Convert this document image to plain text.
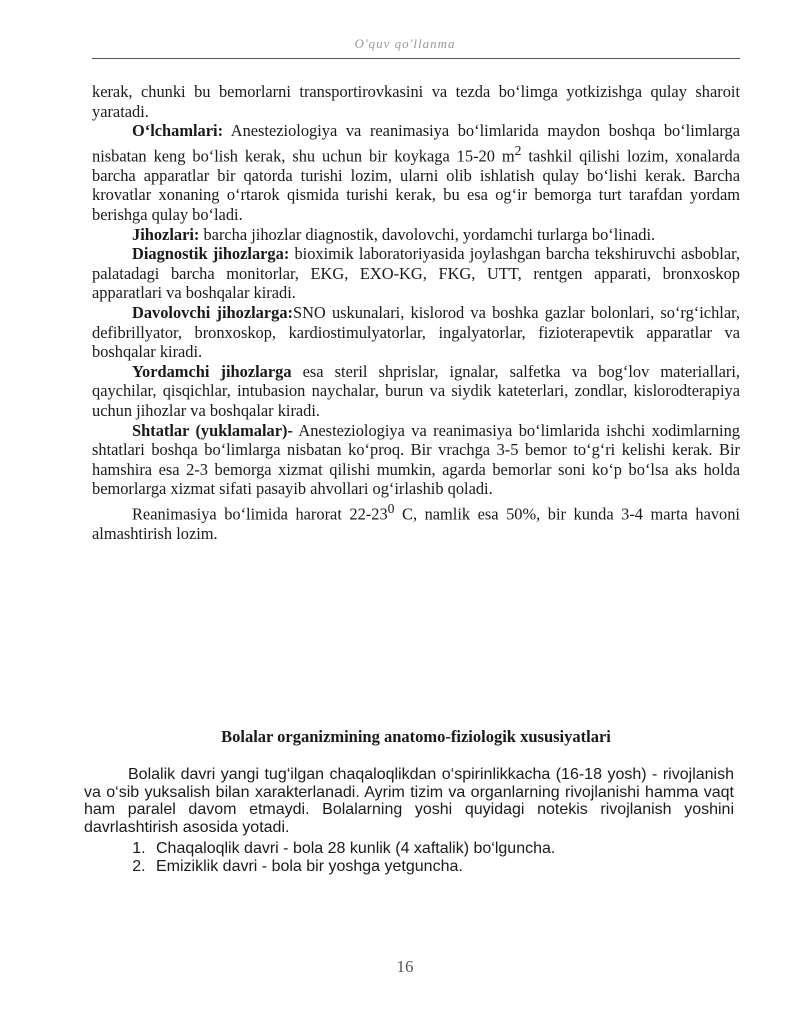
O'quv qo'llanma

kerak, chunki bu bemorlarni transportirovkasini va tezda bo‘limga yotkizishga qulay sharoit yaratadi.

O‘lchamlari: Anesteziologiya va reanimasiya bo‘limlarida maydon boshqa bo‘limlarga nisbatan keng bo‘lish kerak, shu uchun bir koykaga 15-20 $m^2$ tashkil qilishi lozim, xonalarda barcha apparatlar bir qatorda turishi lozim, ularni olib ishlatish qulay bo‘lishi kerak. Barcha krovatlar xonaning o‘rtarok qismida turishi kerak, bu esa og‘ir bemorga turt tarafdan yordam berishga qulay bo‘ladi.

Jihozlari: barcha jihozlar diagnostik, davolovchi, yordamchi turlarga bo‘linadi.

Diagnostik jihozlarga: bioximik laboratoriyasida joylashgan barcha tekshiruvchi asboblar, palatadagi barcha monitorlar, EKG, EXO-KG, FKG, UTT, rentgen apparati, bronxoskop apparatlari va boshqalar kiradi.

Davolovchi jihozlarga:SNO uskunalari, kislorod va boshka gazlar bolonlari, so‘rg‘ichlar, defibrillyator, bronxoskop, kardiostimulyatorlar, ingalyatorlar, fizioterapevtik apparatlar va boshqalar kiradi.

Yordamchi jihozlarga esa steril shprislar, ignalar, salfetka va bog‘lov materiallari, qaychilar, qisqichlar, intubasion naychalar, burun va siydik kateterlari, zondlar, kislorodterapiya uchun jihozlar va boshqalar kiradi.

Shtatlar (yuklamalar)- Anesteziologiya va reanimasiya bo‘limlarida ishchi xodimlarning shtatlari boshqa bo‘limlarga nisbatan ko‘proq. Bir vrachga 3-5 bemor to‘g‘ri kelishi kerak. Bir hamshira esa 2-3 bemorga xizmat qilishi mumkin, agarda bemorlar soni ko‘p bo‘lsa aks holda bemorlarga xizmat sifati pasayib ahvollari og‘irlashib qoladi.

Reanimasiya bo‘limida harorat $22-23^0$ C, namlik esa 50%, bir kunda 3-4 marta havoni almashtirish lozim.

Bolalar organizmining anatomo-fiziologik xususiyatlari

Bolalik davri yangi tug‘ilgan chaqaloqlikdan o‘spirinlikkacha (16-18 yosh) - rivojlanish va o‘sib yuksalish bilan xarakterlanadi. Ayrim tizim va organlarning rivojlanishi hamma vaqt ham paralel davom etmaydi. Bolalarning yoshi quyidagi notekis rivojlanish yoshini davrlashtirish asosida yotadi.

1. Chaqaloqlik davri - bola 28 kunlik (4 xaftalik) bo‘lguncha.
2. Emiziklik davri - bola bir yoshga yetguncha.
16
